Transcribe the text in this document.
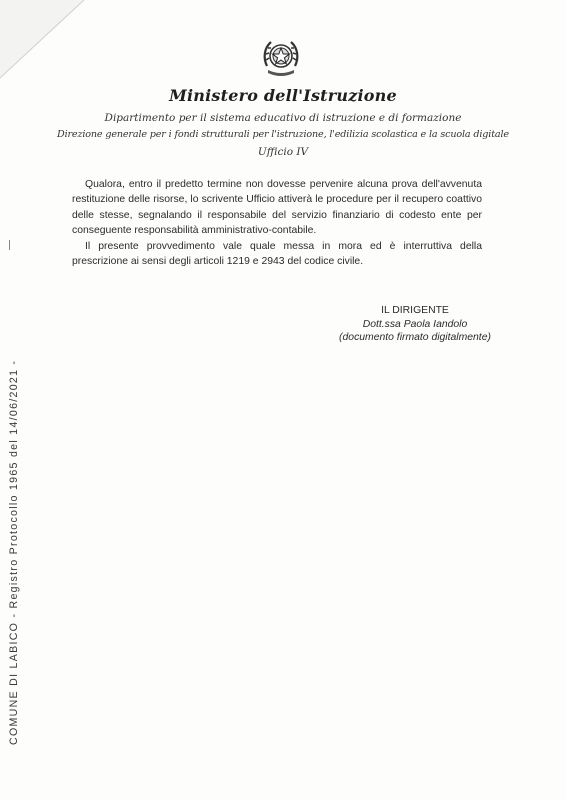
Ministero dell'Istruzione
Dipartimento per il sistema educativo di istruzione e di formazione
Direzione generale per i fondi strutturali per l'istruzione, l'edilizia scolastica e la scuola digitale
Ufficio IV

Qualora, entro il predetto termine non dovesse pervenire alcuna prova dell'avvenuta restituzione delle risorse, lo scrivente Ufficio attiverà le procedure per il recupero coattivo delle stesse, segnalando il responsabile del servizio finanziario di codesto ente per conseguente responsabilità amministrativo-contabile.

Il presente provvedimento vale quale messa in mora ed è interruttiva della prescrizione ai sensi degli articoli 1219 e 2943 del codice civile.

IL DIRIGENTE
Dott.ssa Paola Iandolo
(documento firmato digitalmente)
COMUNE DI LABICO - Registro Protocollo 1965 del 14/06/2021 -
